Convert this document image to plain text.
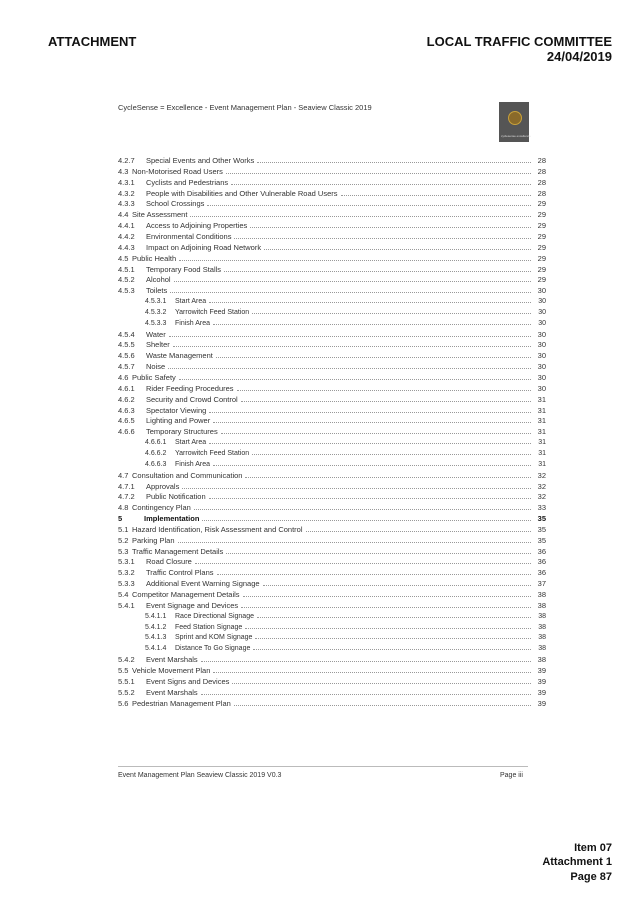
ATTACHMENT	LOCAL TRAFFIC COMMITTEE
24/04/2019
CycleSense = Excellence - Event Management Plan - Seaview Classic 2019
cyclesense excellence
4.2.7	Special Events and Other Works	28
4.3 Non-Motorised Road Users	28
4.3.1	Cyclists and Pedestrians	28
4.3.2	People with Disabilities and Other Vulnerable Road Users	28
4.3.3	School Crossings	29
4.4 Site Assessment	29
4.4.1	Access to Adjoining Properties	29
4.4.2	Environmental Conditions	29
4.4.3	Impact on Adjoining Road Network	29
4.5 Public Health	29
4.5.1	Temporary Food Stalls	29
4.5.2	Alcohol	29
4.5.3	Toilets	30
4.5.3.1	Start Area	30
4.5.3.2	Yarrowitch Feed Station	30
4.5.3.3	Finish Area	30
4.5.4	Water	30
4.5.5	Shelter	30
4.5.6	Waste Management	30
4.5.7	Noise	30
4.6 Public Safety	30
4.6.1	Rider Feeding Procedures	30
4.6.2	Security and Crowd Control	31
4.6.3	Spectator Viewing	31
4.6.5	Lighting and Power	31
4.6.6	Temporary Structures	31
4.6.6.1	Start Area	31
4.6.6.2	Yarrowitch Feed Station	31
4.6.6.3	Finish Area	31
4.7 Consultation and Communication	32
4.7.1	Approvals	32
4.7.2	Public Notification	32
4.8 Contingency Plan	33
5	Implementation	35
5.1 Hazard Identification, Risk Assessment and Control	35
5.2 Parking Plan	35
5.3 Traffic Management Details	36
5.3.1	Road Closure	36
5.3.2	Traffic Control Plans	36
5.3.3	Additional Event Warning Signage	37
5.4 Competitor Management Details	38
5.4.1	Event Signage and Devices	38
5.4.1.1	Race Directional Signage	38
5.4.1.2	Feed Station Signage	38
5.4.1.3	Sprint and KOM Signage	38
5.4.1.4	Distance To Go Signage	38
5.4.2	Event Marshals	38
5.5 Vehicle Movement Plan	39
5.5.1	Event Signs and Devices	39
5.5.2	Event Marshals	39
5.6 Pedestrian Management Plan	39
Event Management Plan Seaview Classic 2019 V0.3	Page iii
Item 07
Attachment 1
Page 87
